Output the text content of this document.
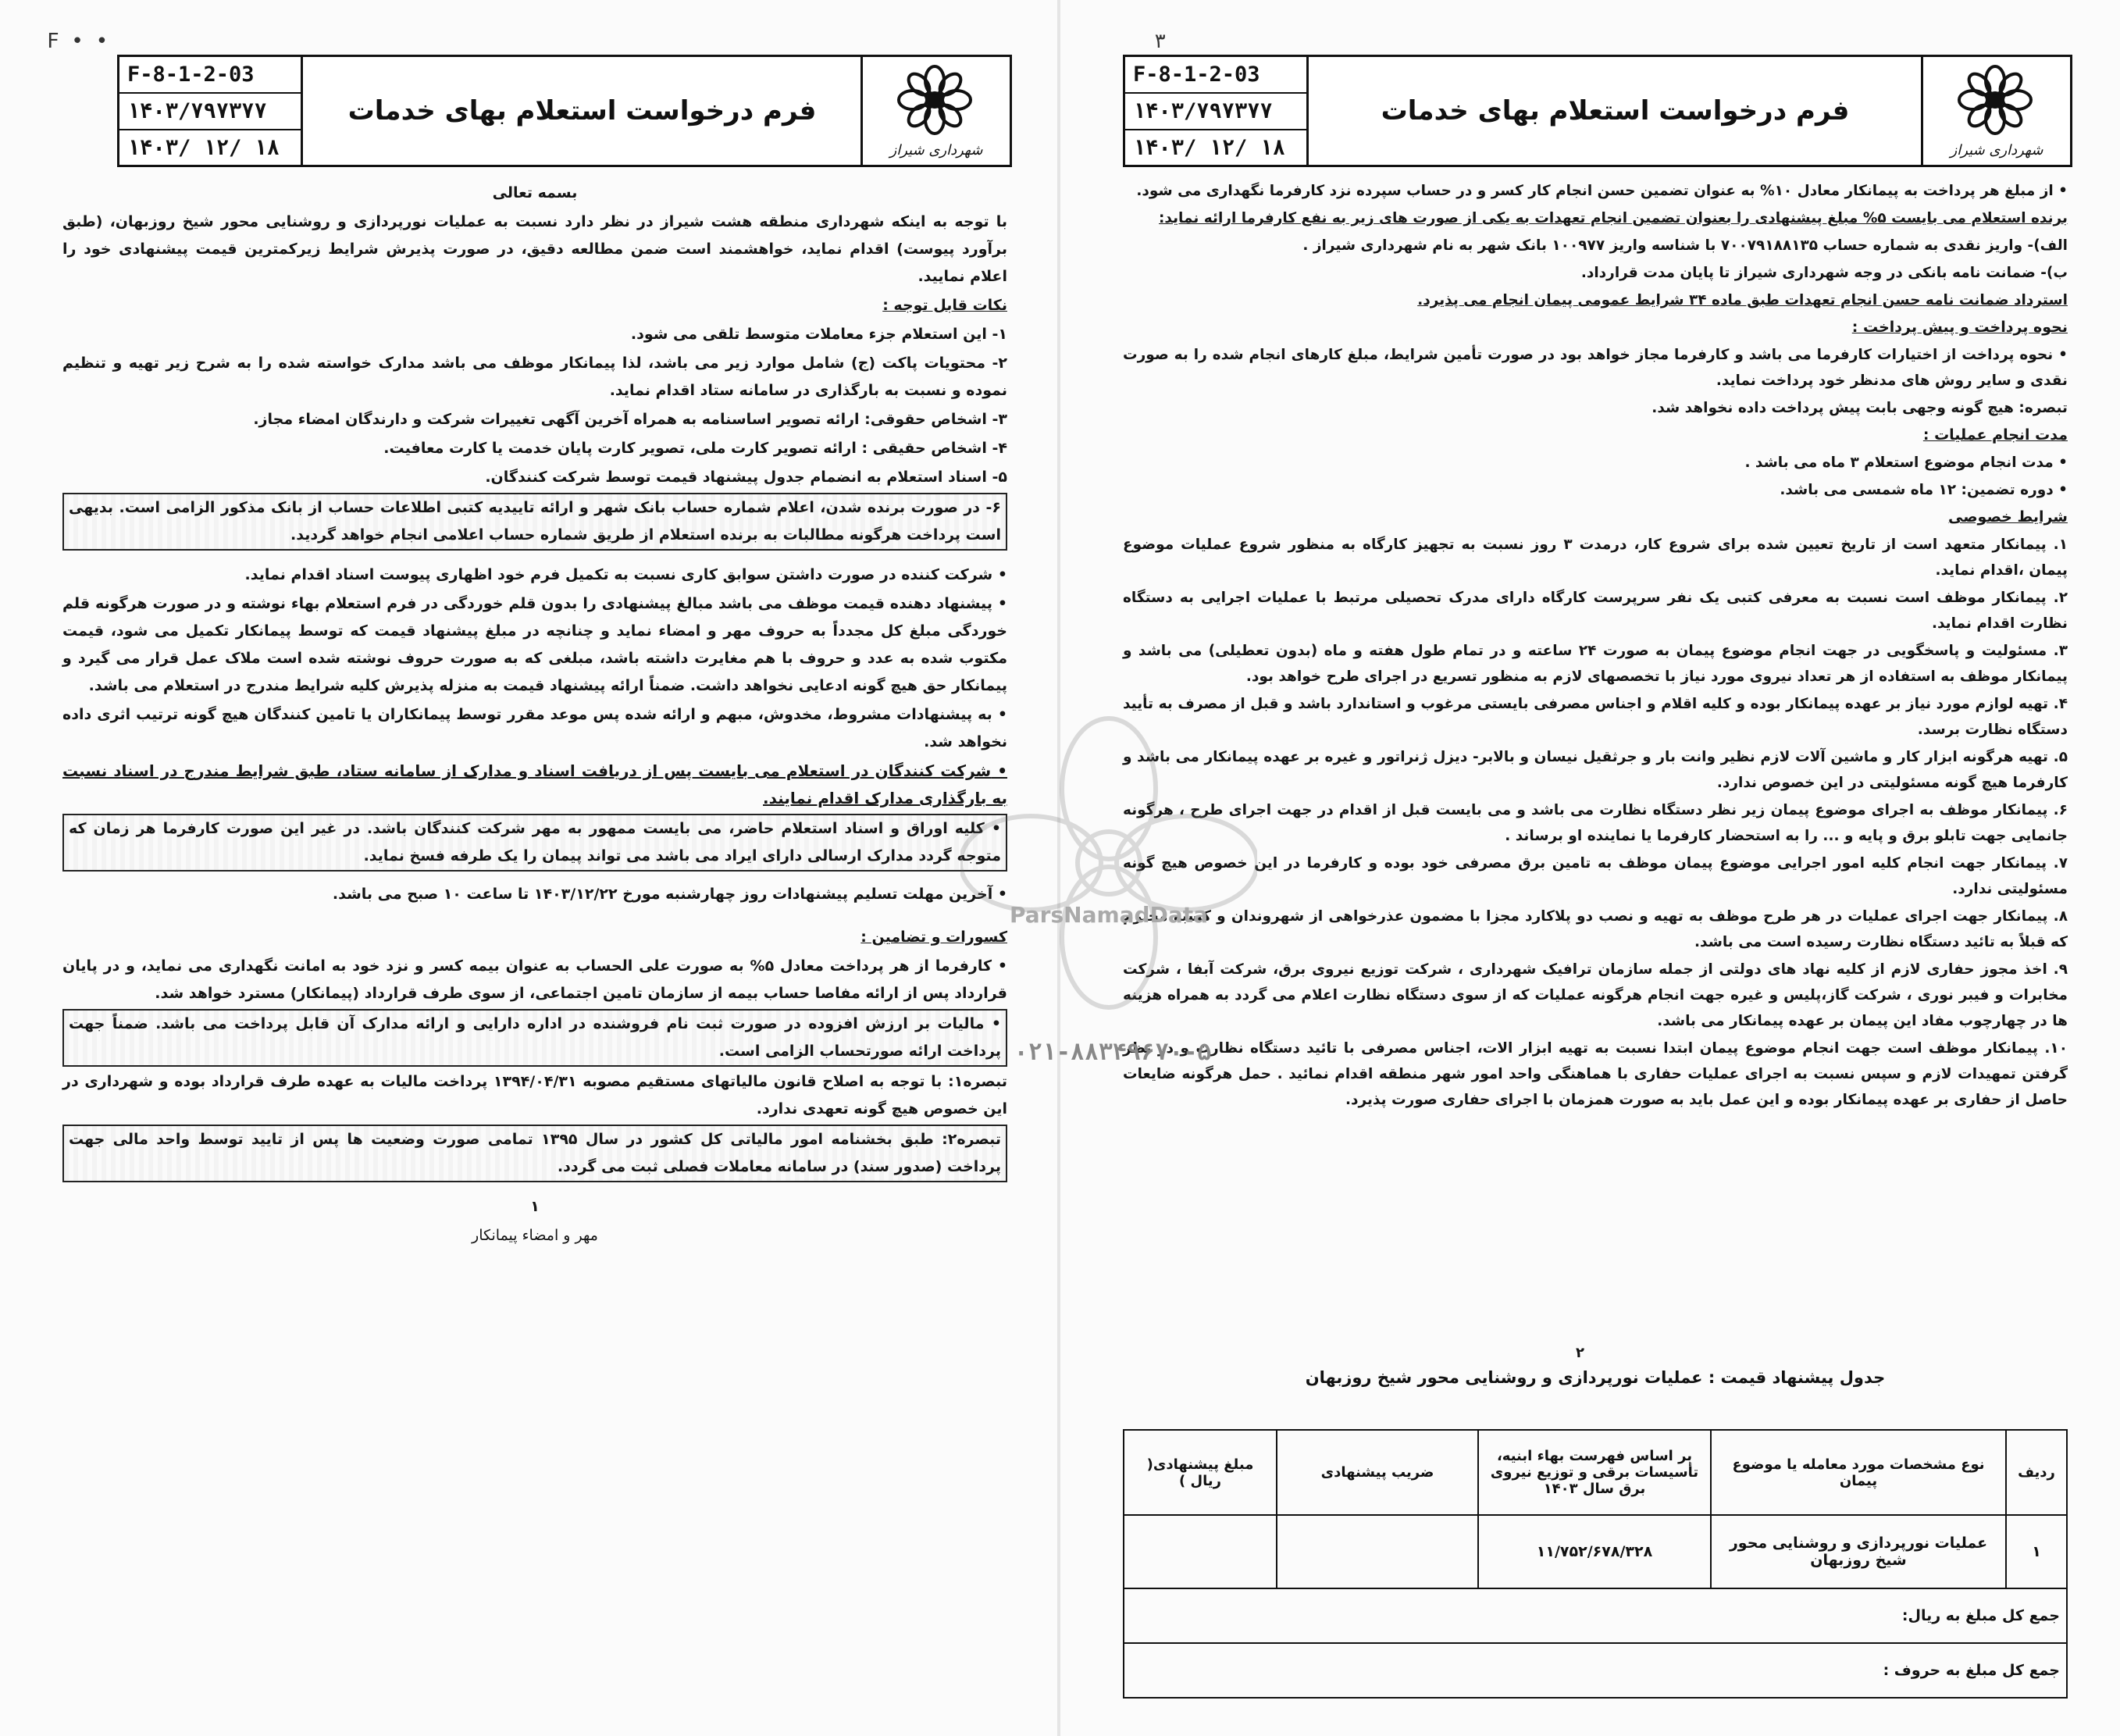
F • ‌•
F-8-1-2-03
۱۴۰۳/۷۹۷۳۷۷
۱۴۰۳/ ۱۲/ ۱۸
فرم درخواست استعلام بهای خدمات
شهرداری شیراز

بسمه تعالی

با توجه به اینکه شهرداری منطقه هشت شیراز در نظر دارد نسبت به عملیات نورپردازی و روشنایی محور شیخ روزبهان، (طبق برآورد پیوست) اقدام نماید، خواهشمند است ضمن مطالعه دقیق، در صورت پذیرش شرایط زیرکمترین قیمت پیشنهادی خود را اعلام نمایید.

نکات قابل توجه :

۱- این استعلام جزء معاملات متوسط تلقی می شود.

۲- محتویات پاکت (ج) شامل موارد زیر می باشد، لذا پیمانکار موظف می باشد مدارک خواسته شده را به شرح زیر تهیه و تنظیم نموده و نسبت به بارگذاری در سامانه ستاد اقدام نماید.

۳- اشخاص حقوقی: ارائه تصویر اساسنامه به همراه آخرین آگهی تغییرات شرکت و دارندگان امضاء مجاز.

۴- اشخاص حقیقی : ارائه تصویر کارت ملی، تصویر کارت پایان خدمت یا کارت معافیت.

۵- اسناد استعلام به انضمام جدول پیشنهاد قیمت توسط شرکت کنندگان.

۶- در صورت برنده شدن، اعلام شماره حساب بانک شهر و ارائه تاییدیه کتبی اطلاعات حساب از بانک مذکور الزامی است. بدیهی است پرداخت هرگونه مطالبات به برنده استعلام از طریق شماره حساب اعلامی انجام خواهد گردید.

• شرکت کننده در صورت داشتن سوابق کاری نسبت به تکمیل فرم خود اظهاری پیوست اسناد اقدام نماید.

• پیشنهاد دهنده قیمت موظف می باشد مبالغ پیشنهادی را بدون قلم خوردگی در فرم استعلام بهاء نوشته و در صورت هرگونه قلم خوردگی مبلغ کل مجدداً به حروف مهر و امضاء نماید و چنانچه در مبلغ پیشنهاد قیمت که توسط پیمانکار تکمیل می شود، قیمت مکتوب شده به عدد و حروف با هم مغایرت داشته باشد، مبلغی که به صورت حروف نوشته شده است ملاک عمل قرار می گیرد و پیمانکار حق هیچ گونه ادعایی نخواهد داشت. ضمناً ارائه پیشنهاد قیمت به منزله پذیرش کلیه شرایط مندرج در استعلام می باشد.

• به پیشنهادات مشروط، مخدوش، مبهم و ارائه شده پس موعد مقرر توسط پیمانکاران یا تامین کنندگان هیچ گونه ترتیب اثری داده نخواهد شد.

• شرکت کنندگان در استعلام می بایست پس از دریافت اسناد و مدارک از سامانه ستاد، طبق شرایط مندرج در اسناد نسبت به بارگذاری مدارک اقدام نمایند.

• کلیه اوراق و اسناد استعلام حاضر، می بایست ممهور به مهر شرکت کنندگان باشد. در غیر این صورت کارفرما هر زمان که متوجه گردد مدارک ارسالی دارای ایراد می باشد می تواند پیمان را یک طرفه فسخ نماید.

• آخرین مهلت تسلیم پیشنهادات روز چهارشنبه مورخ ۱۴۰۳/۱۲/۲۲ تا ساعت ۱۰ صبح می باشد.

کسورات و تضامین :

• کارفرما از هر پرداخت معادل ۵% به صورت علی الحساب به عنوان بیمه کسر و نزد خود به امانت نگهداری می نماید، و در پایان قرارداد پس از ارائه مفاصا حساب بیمه از سازمان تامین اجتماعی، از سوی طرف قرارداد (پیمانکار) مسترد خواهد شد.

• مالیات بر ارزش افزوده در صورت ثبت نام فروشنده در اداره دارایی و ارائه مدارک آن قابل پرداخت می باشد. ضمناً جهت پرداخت ارائه صورتحساب الزامی است.

تبصره۱: با توجه به اصلاح قانون مالیاتهای مستقیم مصوبه ۱۳۹۴/۰۴/۳۱ پرداخت مالیات به عهده طرف قرارداد بوده و شهرداری در این خصوص هیچ گونه تعهدی ندارد.

تبصره۲: طبق بخشنامه امور مالیاتی کل کشور در سال ۱۳۹۵ تمامی صورت وضعیت ها پس از تایید توسط واحد مالی جهت پرداخت (صدور سند) در سامانه معاملات فصلی ثبت می گردد.

۱

مهر و امضاء پیمانکار

۳
F-8-1-2-03
۱۴۰۳/۷۹۷۳۷۷
۱۴۰۳/ ۱۲/ ۱۸
فرم درخواست استعلام بهای خدمات
شهرداری شیراز

• از مبلغ هر پرداخت به پیمانکار معادل ۱۰% به عنوان تضمین حسن انجام کار کسر و در حساب سپرده نزد کارفرما نگهداری می شود.

برنده استعلام می بایست ۵% مبلغ پیشنهادی را بعنوان تضمین انجام تعهدات به یکی از صورت های زیر به نفع کارفرما ارائه نماید:

الف)- واریز نقدی به شماره حساب ۷۰۰۷۹۱۸۸۱۳۵ با شناسه واریز ۱۰۰۹۷۷ بانک شهر به نام شهرداری شیراز .

ب)- ضمانت نامه بانکی در وجه شهرداری شیراز تا پایان مدت قرارداد.

استرداد ضمانت نامه حسن انجام تعهدات طبق ماده ۳۴ شرایط عمومی پیمان انجام می پذیرد.

نحوه پرداخت و پیش پرداخت :

• نحوه پرداخت از اختیارات کارفرما می باشد و کارفرما مجاز خواهد بود در صورت تأمین شرایط، مبلغ کارهای انجام شده را به صورت نقدی و سایر روش های مدنظر خود پرداخت نماید.

تبصره: هیچ گونه وجهی بابت پیش پرداخت داده نخواهد شد.

مدت انجام عملیات :

• مدت انجام موضوع استعلام ۳ ماه می باشد .

• دوره تضمین: ۱۲ ماه شمسی می باشد.

شرایط خصوصی

۱. پیمانکار متعهد است از تاریخ تعیین شده برای شروع کار، درمدت ۳ روز نسبت به تجهیز کارگاه به منظور شروع عملیات موضوع پیمان ،اقدام نماید.

۲. پیمانکار موظف است نسبت به معرفی کتبی یک نفر سرپرست کارگاه دارای مدرک تحصیلی مرتبط با عملیات اجرایی به دستگاه نظارت اقدام نماید.

۳. مسئولیت و پاسخگویی در جهت انجام موضوع پیمان به صورت ۲۴ ساعته و در تمام طول هفته و ماه (بدون تعطیلی) می باشد و پیمانکار موظف به استفاده از هر تعداد نیروی مورد نیاز با تخصصهای لازم به منظور تسریع در اجرای طرح خواهد بود.

۴. تهیه لوازم مورد نیاز بر عهده پیمانکار بوده و کلیه اقلام و اجناس مصرفی بایستی مرغوب و استاندارد باشد و قبل از مصرف به تأیید دستگاه نظارت برسد.

۵. تهیه هرگونه ابزار کار و ماشین آلات لازم نظیر وانت بار و جرثقیل نیسان و بالابر- دیزل ژنراتور و غیره بر عهده پیمانکار می باشد و کارفرما هیچ گونه مسئولیتی در این خصوص ندارد.

۶. پیمانکار موظف به اجرای موضوع پیمان زیر نظر دستگاه نظارت می باشد و می بایست قبل از اقدام در جهت اجرای طرح ، هرگونه جانمایی جهت تابلو برق و پایه و ... را به استحضار کارفرما یا نماینده او برساند .

۷. پیمانکار جهت انجام کلیه امور اجرایی موضوع پیمان موظف به تامین برق مصرفی خود بوده و کارفرما در این خصوص هیچ گونه مسئولیتی ندارد.

۸. پیمانکار جهت اجرای عملیات در هر طرح موظف به تهیه و نصب دو پلاکارد مجزا با مضمون عذرخواهی از شهروندان و کسبه محترم که قبلاً به تائید دستگاه نظارت رسیده است می باشد.

۹. اخذ مجوز حفاری لازم از کلیه نهاد های دولتی از جمله سازمان ترافیک شهرداری ، شرکت توزیع نیروی برق، شرکت آبفا ، شرکت مخابرات و فیبر نوری ، شرکت گاز،پلیس و غیره جهت انجام هرگونه عملیات که از سوی دستگاه نظارت اعلام می گردد به همراه هزینه ها در چهارچوب مفاد این پیمان بر عهده پیمانکار می باشد.

۱۰. پیمانکار موظف است جهت انجام موضوع پیمان ابتدا نسبت به تهیه ابزار الات، اجناس مصرفی با تائید دستگاه نظارت و در نظر گرفتن تمهیدات لازم و سپس نسبت به اجرای عملیات حفاری با هماهنگی واحد امور شهر منطقه اقدام نمائید . حمل هرگونه ضایعات حاصل از حفاری بر عهده پیمانکار بوده و این عمل باید به صورت همزمان با اجرای حفاری صورت پذیرد.

۲
جدول پیشنهاد قیمت : عملیات نورپردازی و روشنایی محور شیخ روزبهان
ردیف	نوع مشخصات مورد معامله یا موضوع پیمان	بر اساس فهرست بهاء ابنیه، تأسیسات برقی و توزیع نیروی برق سال ۱۴۰۳	ضریب پیشنهادی	مبلغ پیشنهادی( ریال )
۱	عملیات نورپردازی و روشنایی محور شیخ روزبهان	۱۱/۷۵۲/۶۷۸/۳۲۸		
جمع کل مبلغ به ریال:				
جمع کل مبلغ به حروف :				
ParsNamadData
۰۲۱-۸۸۳۴۹۶۷۰-۵
